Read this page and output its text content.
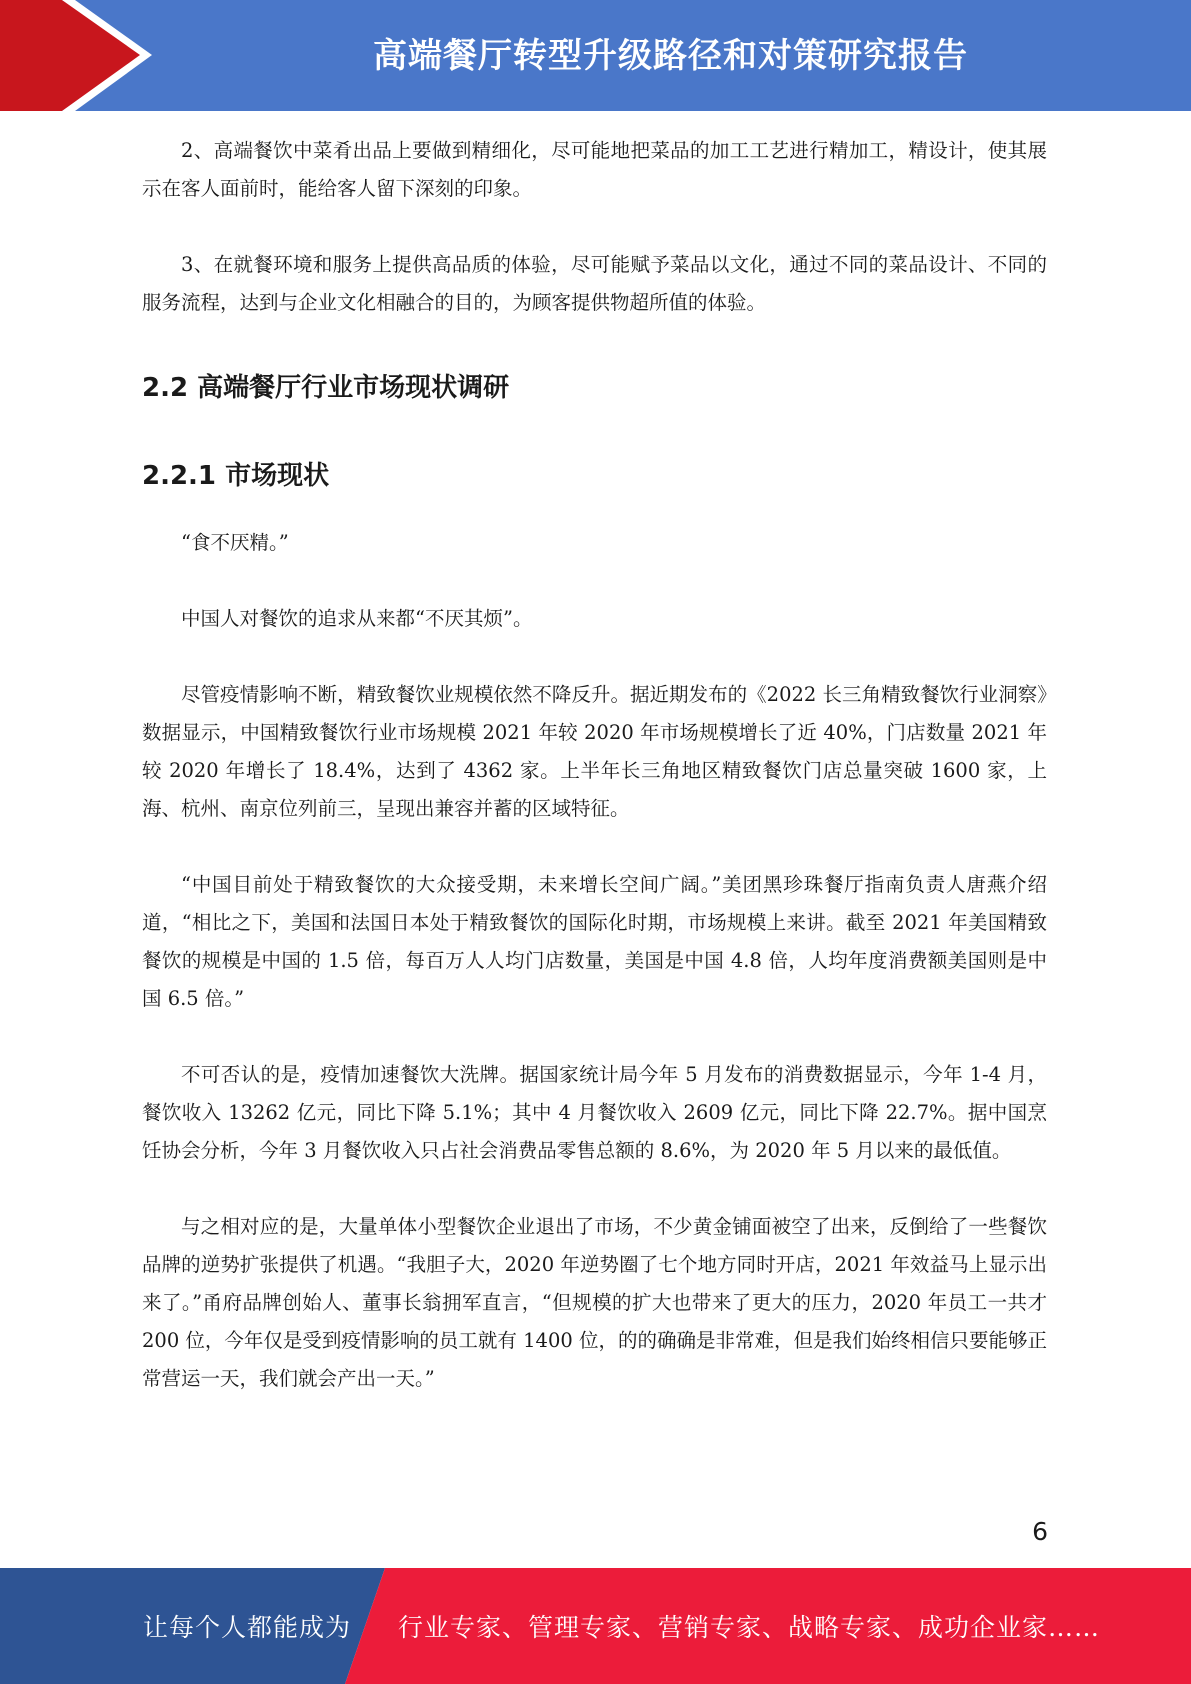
高端餐厅转型升级路径和对策研究报告

2、高端餐饮中菜肴出品上要做到精细化，尽可能地把菜品的加工工艺进行精加工，精设计，使其展示在客人面前时，能给客人留下深刻的印象。

3、在就餐环境和服务上提供高品质的体验，尽可能赋予菜品以文化，通过不同的菜品设计、不同的服务流程，达到与企业文化相融合的目的，为顾客提供物超所值的体验。

2.2 高端餐厅行业市场现状调研
2.2.1 市场现状

“食不厌精。”

中国人对餐饮的追求从来都“不厌其烦”。

尽管疫情影响不断，精致餐饮业规模依然不降反升。据近期发布的《2022 长三角精致餐饮行业洞察》数据显示，中国精致餐饮行业市场规模 2021 年较 2020 年市场规模增长了近 40%，门店数量 2021 年较 2020 年增长了 18.4%，达到了 4362 家。上半年长三角地区精致餐饮门店总量突破 1600 家，上海、杭州、南京位列前三，呈现出兼容并蓄的区域特征。

“中国目前处于精致餐饮的大众接受期，未来增长空间广阔。”美团黑珍珠餐厅指南负责人唐燕介绍道，“相比之下，美国和法国日本处于精致餐饮的国际化时期，市场规模上来讲。截至 2021 年美国精致餐饮的规模是中国的 1.5 倍，每百万人人均门店数量，美国是中国 4.8 倍，人均年度消费额美国则是中国 6.5 倍。”

不可否认的是，疫情加速餐饮大洗牌。据国家统计局今年 5 月发布的消费数据显示，今年 1-4 月，餐饮收入 13262 亿元，同比下降 5.1%；其中 4 月餐饮收入 2609 亿元，同比下降 22.7%。据中国烹饪协会分析，今年 3 月餐饮收入只占社会消费品零售总额的 8.6%，为 2020 年 5 月以来的最低值。

与之相对应的是，大量单体小型餐饮企业退出了市场，不少黄金铺面被空了出来，反倒给了一些餐饮品牌的逆势扩张提供了机遇。“我胆子大，2020 年逆势圈了七个地方同时开店，2021 年效益马上显示出来了。”甬府品牌创始人、董事长翁拥军直言，“但规模的扩大也带来了更大的压力，2020 年员工一共才 200 位，今年仅是受到疫情影响的员工就有 1400 位，的的确确是非常难，但是我们始终相信只要能够正常营运一天，我们就会产出一天。”

6
让每个人都能成为 行业专家、管理专家、营销专家、战略专家、成功企业家……
